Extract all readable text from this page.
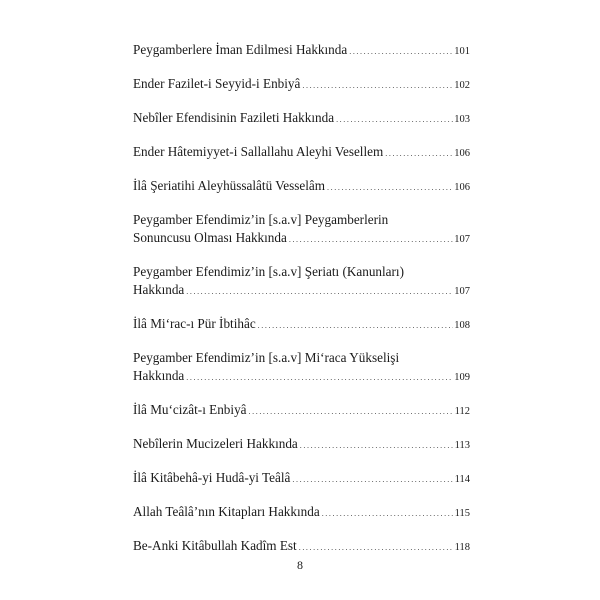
Peygamberlere İman Edilmesi Hakkında .....	101
Ender Fazilet-i Seyyid-i Enbiyâ .....	102
Nebîler Efendisinin Fazileti Hakkında .....	103
Ender Hâtemiyyet-i Sallallahu Aleyhi Vesellem .....	106
İlâ Şeriatihi Aleyhüssalâtü Vesselâm .....	106
Peygamber Efendimiz’in [s.a.v] Peygamberlerin
Sonuncusu Olması Hakkında .....	107
Peygamber Efendimiz’in [s.a.v] Şeriatı (Kanunları)
Hakkında .....	107
İlâ Mi‘rac-ı Pür İbtihâc .....	108
Peygamber Efendimiz’in [s.a.v] Mi‘raca Yükselişi
Hakkında .....	109
İlâ Mu‘cizât-ı Enbiyâ .....	112
Nebîlerin Mucizeleri Hakkında .....	113
İlâ Kitâbehâ-yi Hudâ-yi Teâlâ .....	114
Allah Teâlâ’nın Kitapları Hakkında .....	115
Be-Anki Kitâbullah Kadîm Est .....	118
8
